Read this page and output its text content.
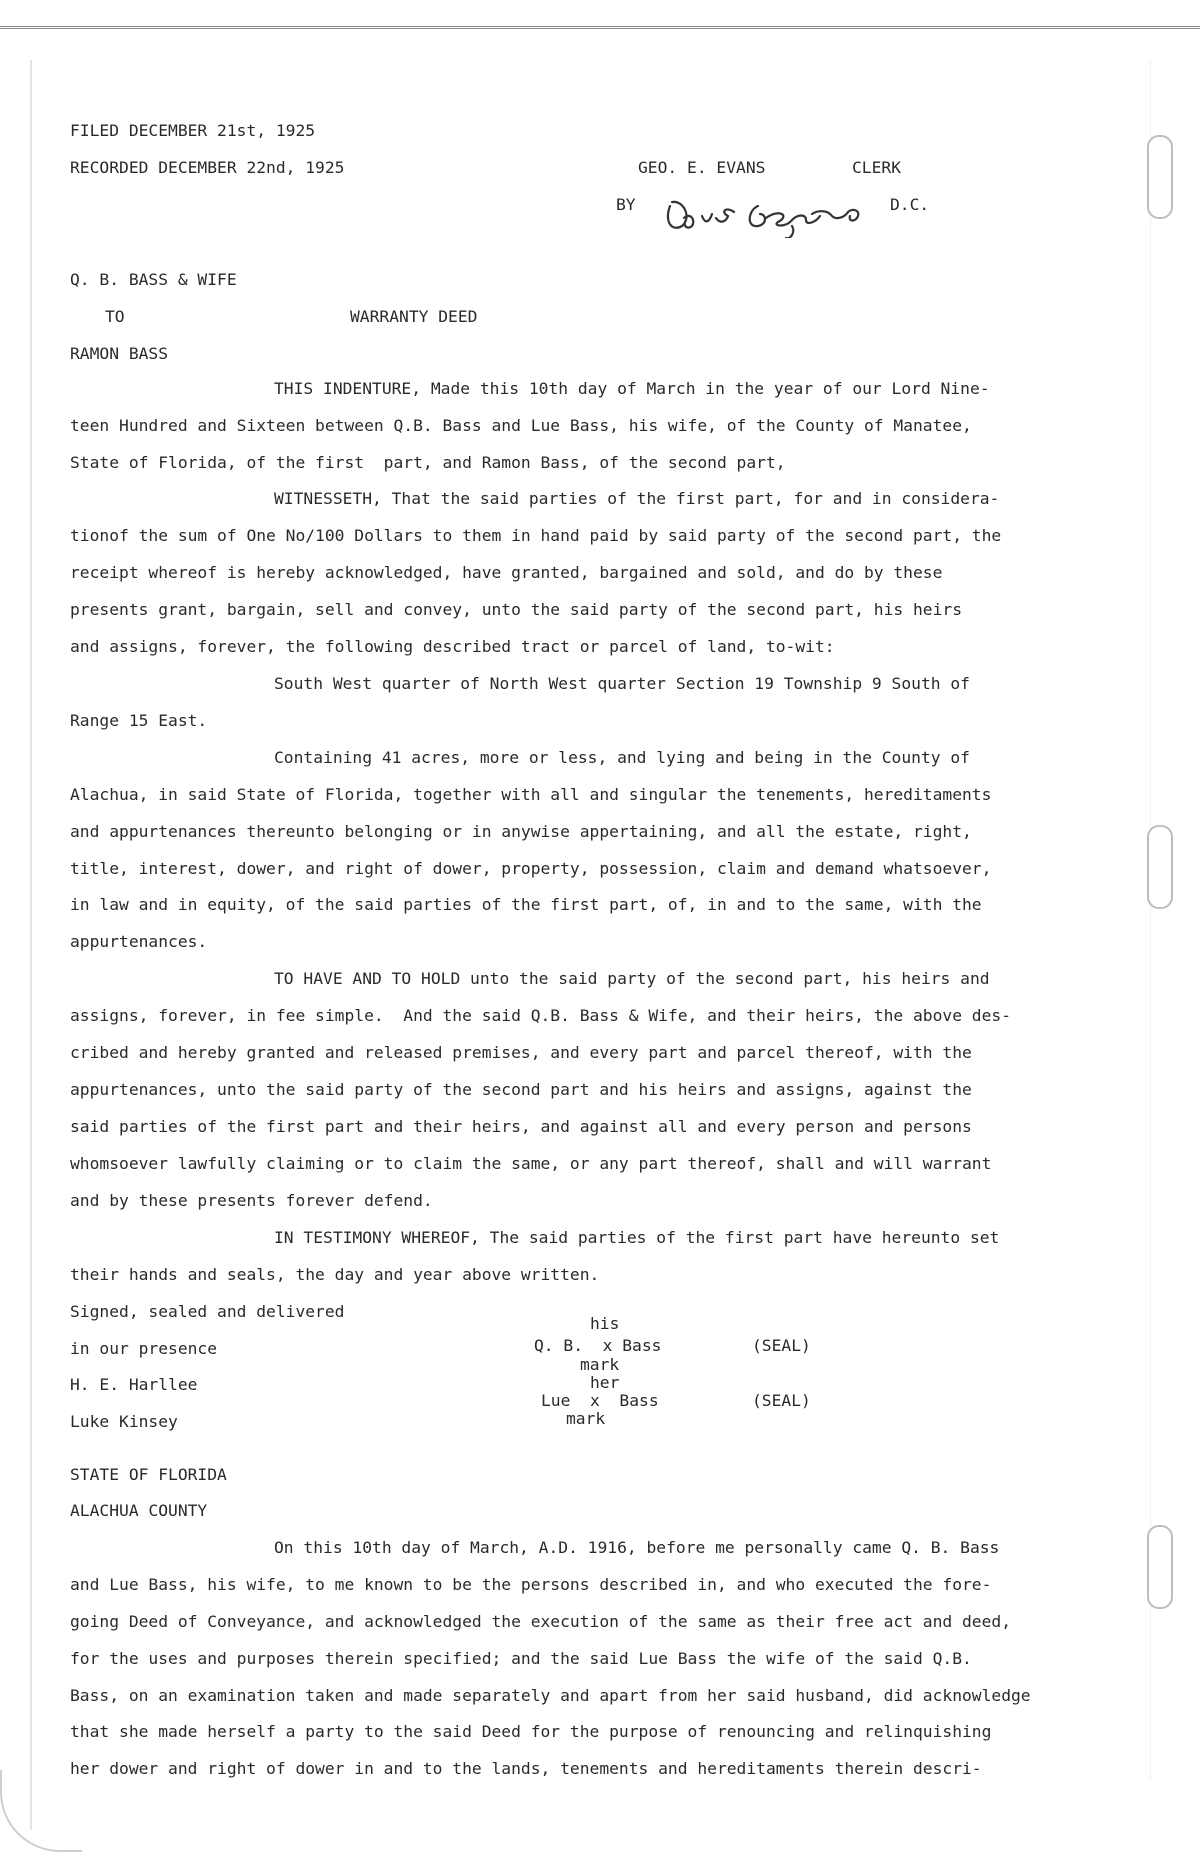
FILED DECEMBER 21st, 1925
RECORDED DECEMBER 22nd, 1925	GEO. E. EVANS	CLERK
BY	D.C.
Q. B. BASS & WIFE
TO	WARRANTY DEED
RAMON BASS
THIS INDENTURE, Made this 10th day of March in the year of our Lord Nine-
teen Hundred and Sixteen between Q.B. Bass and Lue Bass, his wife, of the County of Manatee,
State of Florida, of the first  part, and Ramon Bass, of the second part,
WITNESSETH, That the said parties of the first part, for and in considera-
tionof the sum of One No/100 Dollars to them in hand paid by said party of the second part, the
receipt whereof is hereby acknowledged, have granted, bargained and sold, and do by these
presents grant, bargain, sell and convey, unto the said party of the second part, his heirs
and assigns, forever, the following described tract or parcel of land, to-wit:
South West quarter of North West quarter Section 19 Township 9 South of
Range 15 East.
Containing 41 acres, more or less, and lying and being in the County of
Alachua, in said State of Florida, together with all and singular the tenements, hereditaments
and appurtenances thereunto belonging or in anywise appertaining, and all the estate, right,
title, interest, dower, and right of dower, property, possession, claim and demand whatsoever,
in law and in equity, of the said parties of the first part, of, in and to the same, with the
appurtenances.
TO HAVE AND TO HOLD unto the said party of the second part, his heirs and
assigns, forever, in fee simple.  And the said Q.B. Bass & Wife, and their heirs, the above des-
cribed and hereby granted and released premises, and every part and parcel thereof, with the
appurtenances, unto the said party of the second part and his heirs and assigns, against the
said parties of the first part and their heirs, and against all and every person and persons
whomsoever lawfully claiming or to claim the same, or any part thereof, shall and will warrant
and by these presents forever defend.
IN TESTIMONY WHEREOF, The said parties of the first part have hereunto set
their hands and seals, the day and year above written.
Signed, sealed and delivered
in our presence
H. E. Harllee
Luke Kinsey
his
Q. B.  x Bass
mark
(SEAL)
her
Lue  x  Bass
mark
(SEAL)
STATE OF FLORIDA
ALACHUA COUNTY
On this 10th day of March, A.D. 1916, before me personally came Q. B. Bass
and Lue Bass, his wife, to me known to be the persons described in, and who executed the fore-
going Deed of Conveyance, and acknowledged the execution of the same as their free act and deed,
for the uses and purposes therein specified; and the said Lue Bass the wife of the said Q.B.
Bass, on an examination taken and made separately and apart from her said husband, did acknowledge
that she made herself a party to the said Deed for the purpose of renouncing and relinquishing
her dower and right of dower in and to the lands, tenements and hereditaments therein descri-
